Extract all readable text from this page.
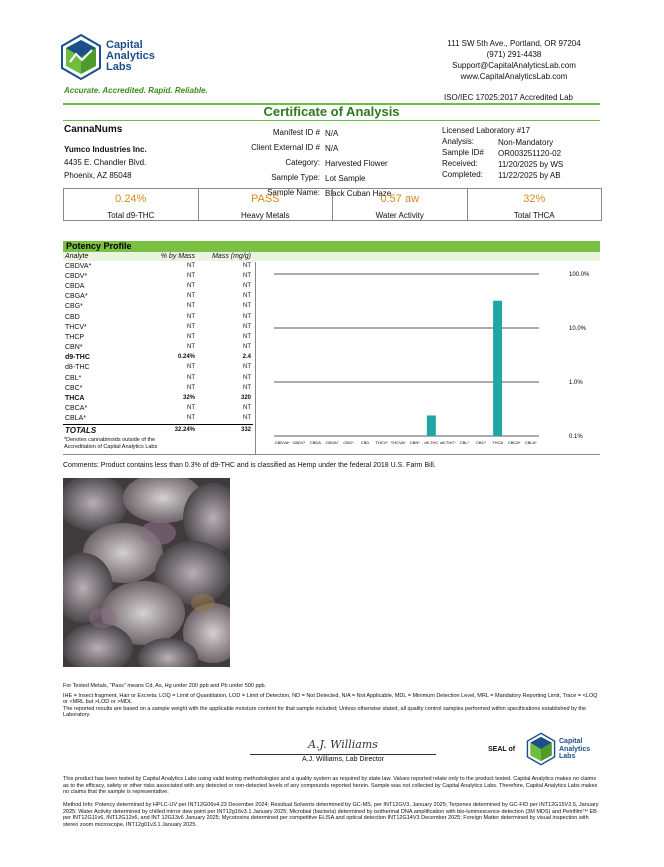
Capital
Analytics
Labs
Accurate. Accredited. Rapid. Reliable.
111 SW 5th Ave., Portland, OR 97204
(971) 291-4438
Support@CapitalAnalyticsLab.com
www.CapitalAnalyticsLab.com
ISO/IEC 17025:2017 Accredited Lab
Certificate of Analysis
CannaNums
Yumco Industries Inc.
4435 E. Chandler Blvd.
Phoenix, AZ 85048
Manifest ID #	N/A
Client External ID #	N/A
Category:	Harvested Flower
Sample Type:	Lot Sample
Sample Name:	Black Cuban Haze
Licensed Laboratory #17
Analysis:	Non-Mandatory
Sample ID#	OR003251120-02
Received:	11/20/2025 by WS
Completed:	11/22/2025 by AB
0.24%
Total d9-THC
PASS
Heavy Metals
0.57 aw
Water Activity
32%
Total THCA
Potency Profile
Analyte	% by Mass	Mass (mg/g)
CBDVA*	NT	NT
CBDV*	NT	NT
CBDA	NT	NT
CBGA*	NT	NT
CBG*	NT	NT
CBD	NT	NT
THCV*	NT	NT
THCP	NT	NT
CBN*	NT	NT
d9-THC	0.24%	2.4
d8-THC	NT	NT
CBL*	NT	NT
CBC*	NT	NT
THCA	32%	320
CBCA*	NT	NT
CBLA*	NT	NT
TOTALS	32.24%	332
*Denotes cannabinoids outside of the
Accreditation of Capital Analytics Labs
100.0%
10.0%
1.0%
0.1%
CBDVA* CBDV* CBDA CBGA* CBG* CBD THCV* THCVA* CBN* d9-THC d8-THC* CBL* CBC* THCA CBCA* CBLA*
Comments: Product contains less than 0.3% of d9-THC and is classified as Hemp under the federal 2018 U.S. Farm Bill.
For Tested Metals, "Pass" means Cd, As, Hg under 200 ppb and Pb under 500 ppb.
IHE = Insect fragment, Hair or Excreta; LOQ = Limit of Quantitation, LOD = Limit of Detection, ND = Not Detected, N/A = Not Applicable, MDL = Minimum Detection Level, MRL = Mandatory Reporting Limit, Trace = <LOQ or <MRL but >LOD or >MDL
The reported results are based on a sample weight with the applicable moisture content for that sample included; Unless otherwise stated, all quality control samples performed within specifications established by the Laboratory.
A.J. Williams
A.J. Williams, Lab Director
SEAL of
Capital
Analytics
Labs
This product has been tested by Capital Analytics Labs using valid testing methodologies and a quality system as required by state law. Values reported relate only to the product tested. Capital Analytics makes no claims as to the efficacy, safety or other risks associated with any detected or non-detected levels of any compounds reported herein. Sample was not collected by Capital Analytics Labs. Therefore, Capital Analytics Labs makes no claims that the sample is representative.
Method Info: Potency determined by HPLC-UV per INT12G06v4.23 December 2024; Residual Solvents determined by GC-MS, per INT12GV3, January 2025; Terpenes determined by GC-FID per INT12G15V2.5, January 2025; Water Activity determined by chilled mirror dew point per INT12g16v3.1 January 2025; Microbial (bacteria) determined by isothermal DNA amplification with bio-luminescence detection (3M MDS) and Petrifilm™ EB per INT12G11v6, INT12G12v6, and INT 12G13v6 January 2025; Mycotoxins determined per competitive ELISA and optical detection INT12G14V3 December 2025; Foreign Matter determined by visual inspection with stereo zoom microscope, INT12g01v3.1 January 2025.
